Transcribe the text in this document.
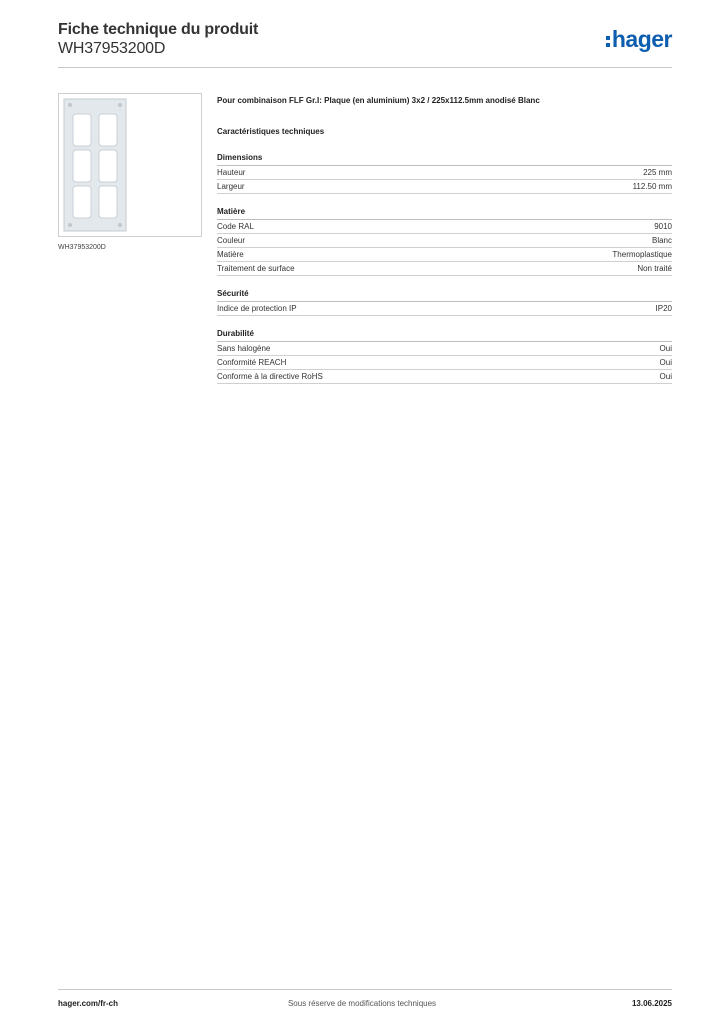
Fiche technique du produit
WH37953200D	hager
WH37953200D
Pour combinaison FLF Gr.I: Plaque (en aluminium) 3x2 / 225x112.5mm anodisé Blanc
Caractéristiques techniques
Dimensions
Hauteur	225 mm
Largeur	112.50 mm
Matière
Code RAL	9010
Couleur	Blanc
Matière	Thermoplastique
Traitement de surface	Non traité
Sécurité
Indice de protection IP	IP20
Durabilité
Sans halogène	Oui
Conformité REACH	Oui
Conforme à la directive RoHS	Oui
hager.com/fr-ch	Sous réserve de modifications techniques	13.06.2025
